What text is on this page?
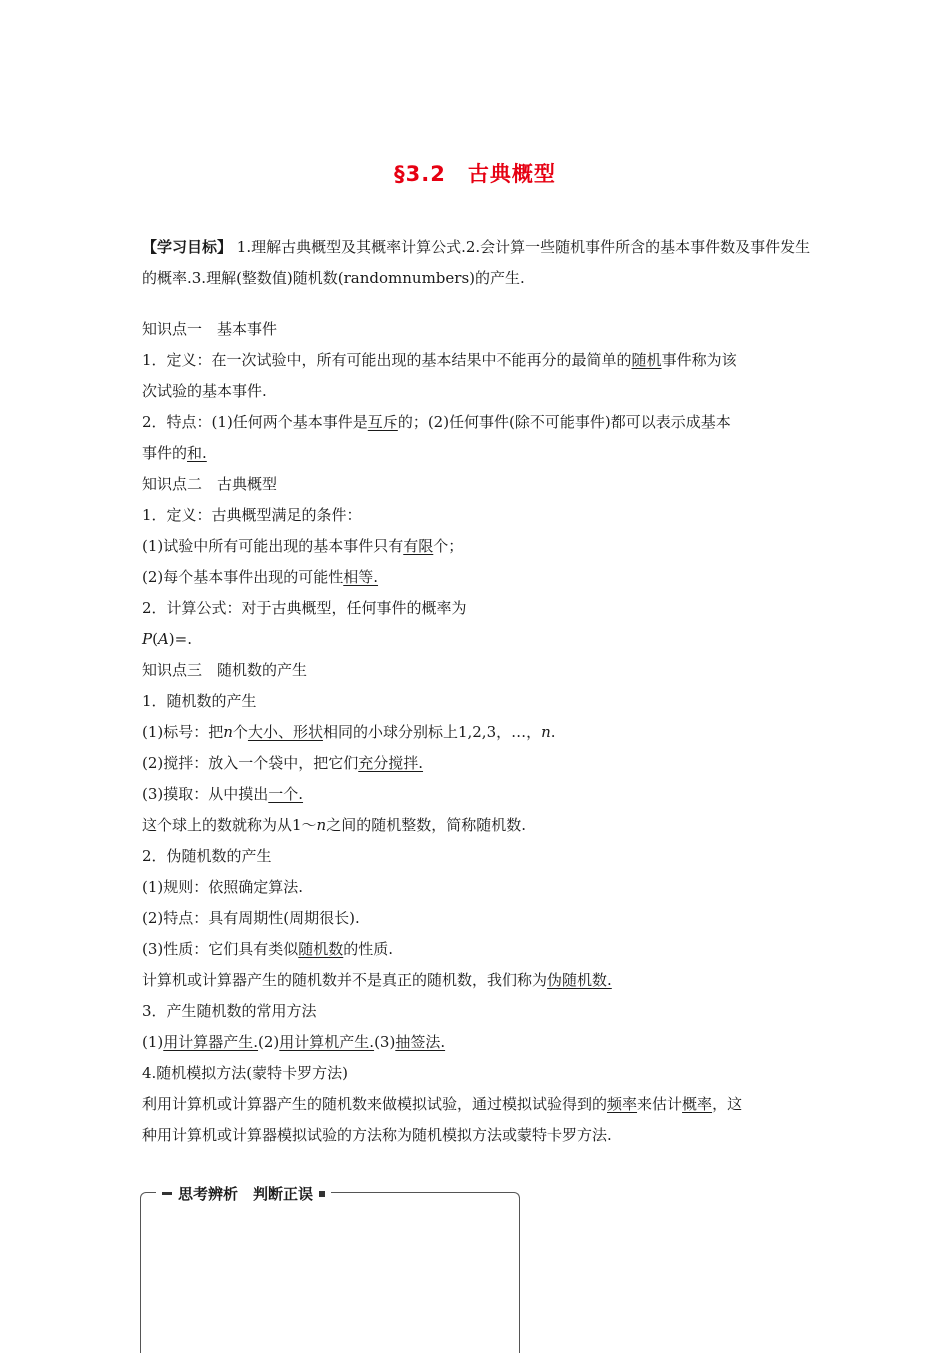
§3.2　古典概型

【学习目标】 1.理解古典概型及其概率计算公式.2.会计算一些随机事件所含的基本事件数及事件发生的概率.3.理解(整数值)随机数(randomnumbers)的产生.

知识点一　基本事件
1．定义：在一次试验中，所有可能出现的基本结果中不能再分的最简单的随机事件称为该
次试验的基本事件.
2．特点：(1)任何两个基本事件是互斥的；(2)任何事件(除不可能事件)都可以表示成基本
事件的和.
知识点二　古典概型
1．定义：古典概型满足的条件：
(1)试验中所有可能出现的基本事件只有有限个；
(2)每个基本事件出现的可能性相等.
2．计算公式：对于古典概型，任何事件的概率为
P(A)=.
知识点三　随机数的产生
1．随机数的产生
(1)标号：把n个大小、形状相同的小球分别标上1,2,3，…，n.
(2)搅拌：放入一个袋中，把它们充分搅拌.
(3)摸取：从中摸出一个.
这个球上的数就称为从1～n之间的随机整数，简称随机数.
2．伪随机数的产生
(1)规则：依照确定算法.
(2)特点：具有周期性(周期很长).
(3)性质：它们具有类似随机数的性质.
计算机或计算器产生的随机数并不是真正的随机数，我们称为伪随机数.
3．产生随机数的常用方法
(1)用计算器产生.(2)用计算机产生.(3)抽签法.
4.随机模拟方法(蒙特卡罗方法)
利用计算机或计算器产生的随机数来做模拟试验，通过模拟试验得到的频率来估计概率，这
种用计算机或计算器模拟试验的方法称为随机模拟方法或蒙特卡罗方法.
思考辨析　判断正误
